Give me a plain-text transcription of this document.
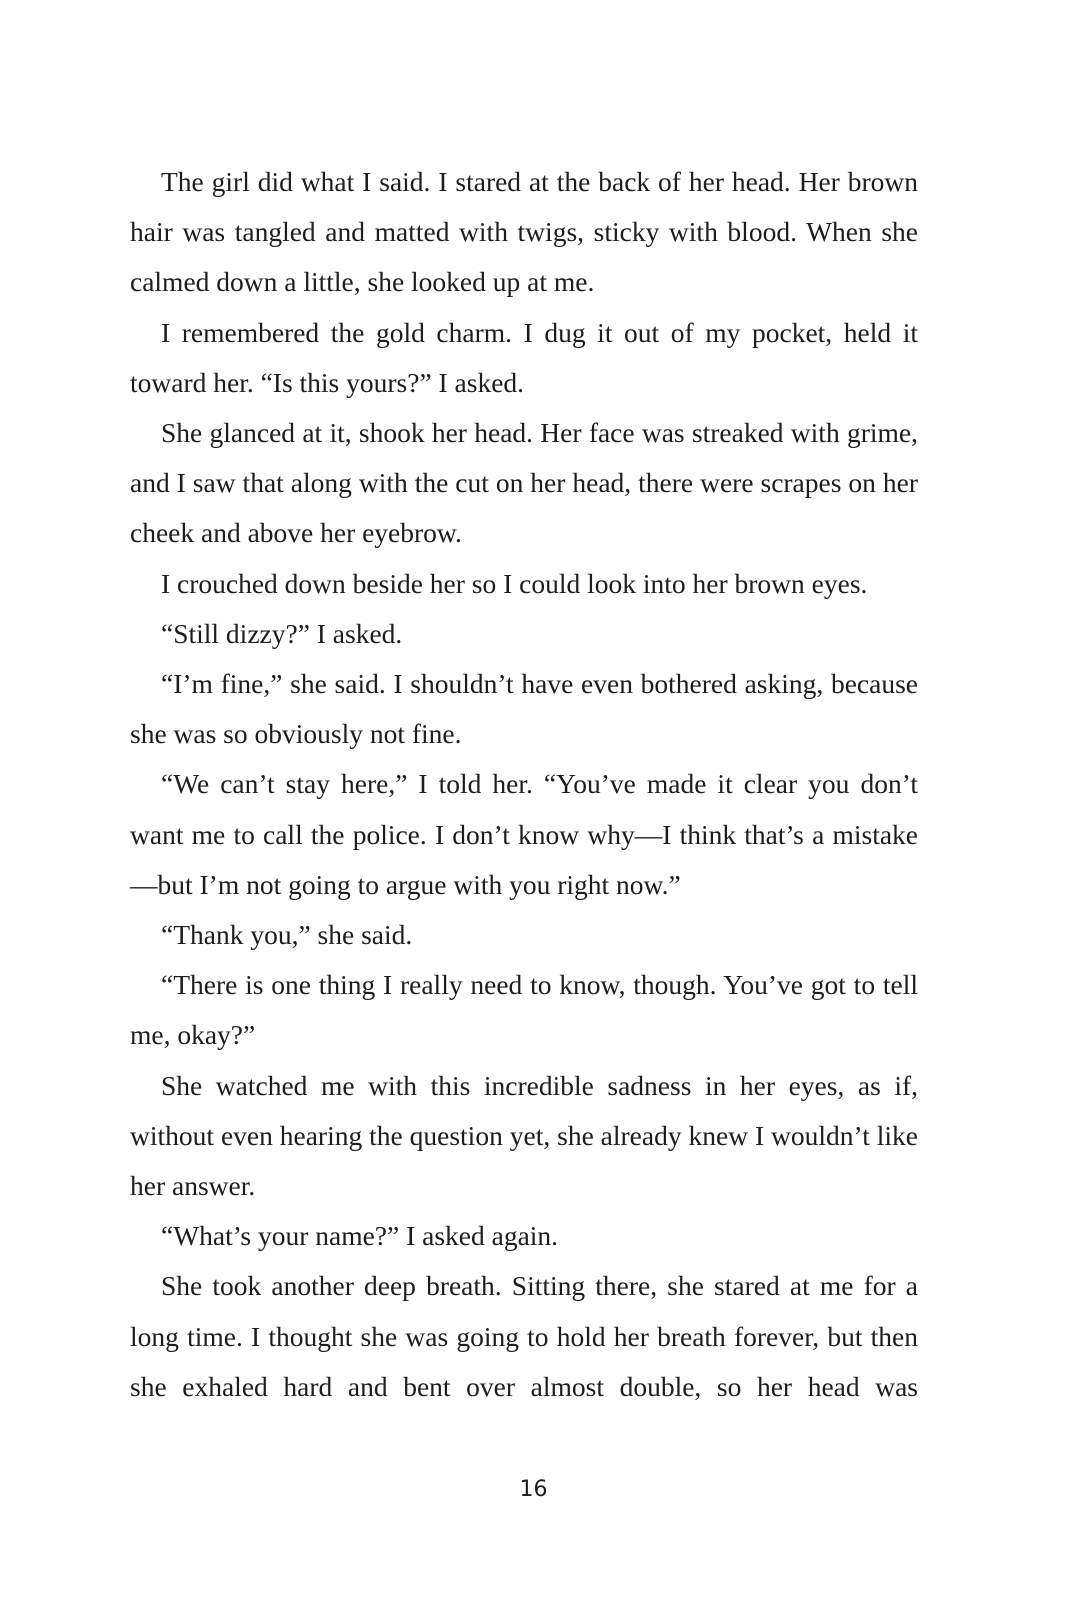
The girl did what I said. I stared at the back of her head. Her brown hair was tangled and matted with twigs, sticky with blood. When she calmed down a little, she looked up at me.

I remembered the gold charm. I dug it out of my pocket, held it toward her. “Is this yours?” I asked.

She glanced at it, shook her head. Her face was streaked with grime, and I saw that along with the cut on her head, there were scrapes on her cheek and above her eyebrow.

I crouched down beside her so I could look into her brown eyes.

“Still dizzy?” I asked.

“I’m fine,” she said. I shouldn’t have even bothered asking, because she was so obviously not fine.

“We can’t stay here,” I told her. “You’ve made it clear you don’t want me to call the police. I don’t know why—I think that’s a mistake—but I’m not going to argue with you right now.”

“Thank you,” she said.

“There is one thing I really need to know, though. You’ve got to tell me, okay?”

She watched me with this incredible sadness in her eyes, as if, without even hearing the question yet, she already knew I wouldn’t like her answer.

“What’s your name?” I asked again.

She took another deep breath. Sitting there, she stared at me for a long time. I thought she was going to hold her breath forever, but then she exhaled hard and bent over almost double, so her head was

16
